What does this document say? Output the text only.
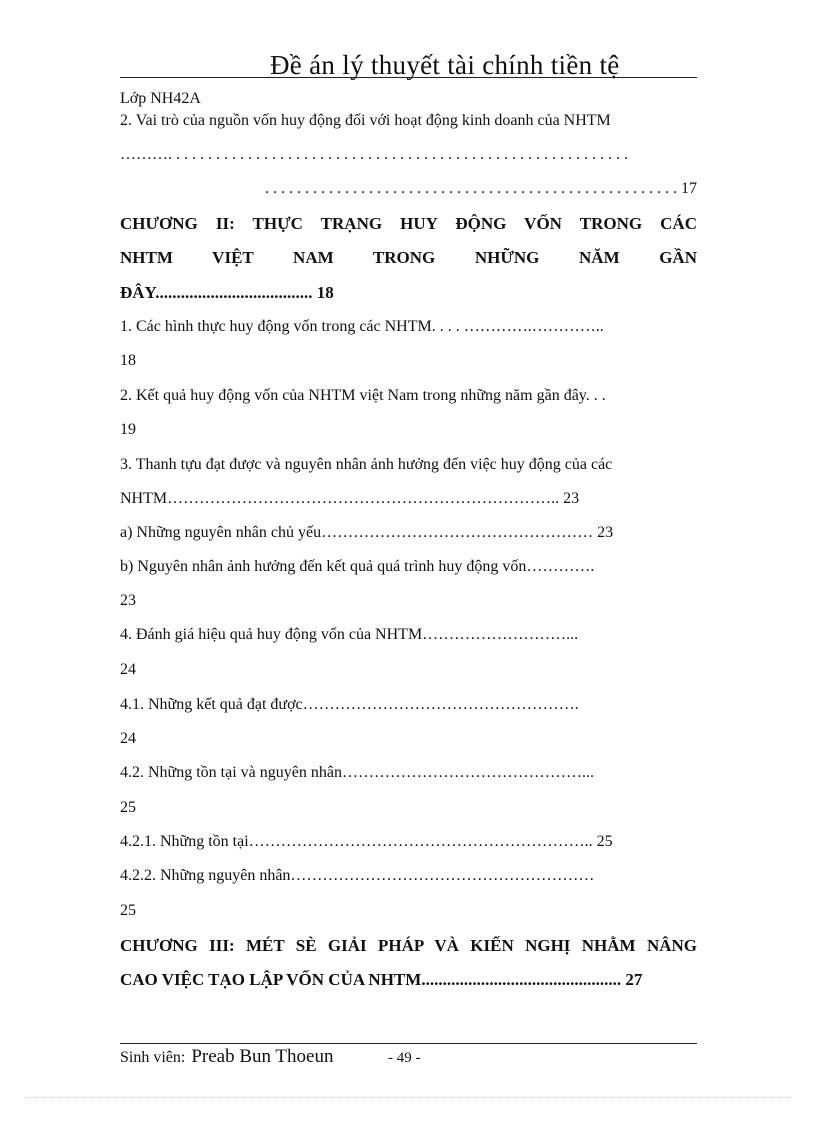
Đề án lý thuyết tài chính tiền tệ
Lớp NH42A
2. Vai trò của nguồn vốn huy động đối với hoạt động kinh doanh của NHTM
………. . . . . . . . . . . . . . . . . . . . . . . . . . . . . . . . . . . . . . . . . . . . . . . . . . . . . . . . . .
. . . . . . . . . . . . . . . . . . . . . . . . . . . . . . . . . . . . . . . . . . . . . . . . . . . . 17
CHƯƠNG II: THỰC TRẠNG HUY ĐỘNG VỐN TRONG CÁC
NHTM VIỆT NAM TRONG NHỮNG NĂM GẦN
ĐÂY..................................... 18
1. Các hình thực huy động vốn trong các NHTM. . . . ………….…………..
18
2. Kết quả huy động vốn của NHTM việt Nam trong những năm gần đây. . .
19
3. Thanh tựu đạt được và nguyên nhân ảnh hưởng đến việc huy động của các
NHTM……………………………………………………………….. 23
a) Những nguyên nhân chủ yếu…………………………………………… 23
b) Nguyên nhân ảnh hưởng đến kết quả quá trình huy động vốn………….
23
4. Đánh giá hiệu quả huy động vốn của NHTM………………………...
24
4.1. Những kết quả đạt được…………………………………………….
24
4.2. Những tồn tại và nguyên nhân………………………………………...
25
4.2.1. Những tồn tại……………………………………………………….. 25
4.2.2. Những nguyên nhân…………………………………………………
25
CHƯƠNG III: MÉT SÈ GIẢI PHÁP VÀ KIẾN NGHỊ NHẰM NÂNG
CAO VIỆC TẠO LẬP VỐN CỦA NHTM............................................... 27
Sinh viên: Preab Bun Thoeun	- 49 -
